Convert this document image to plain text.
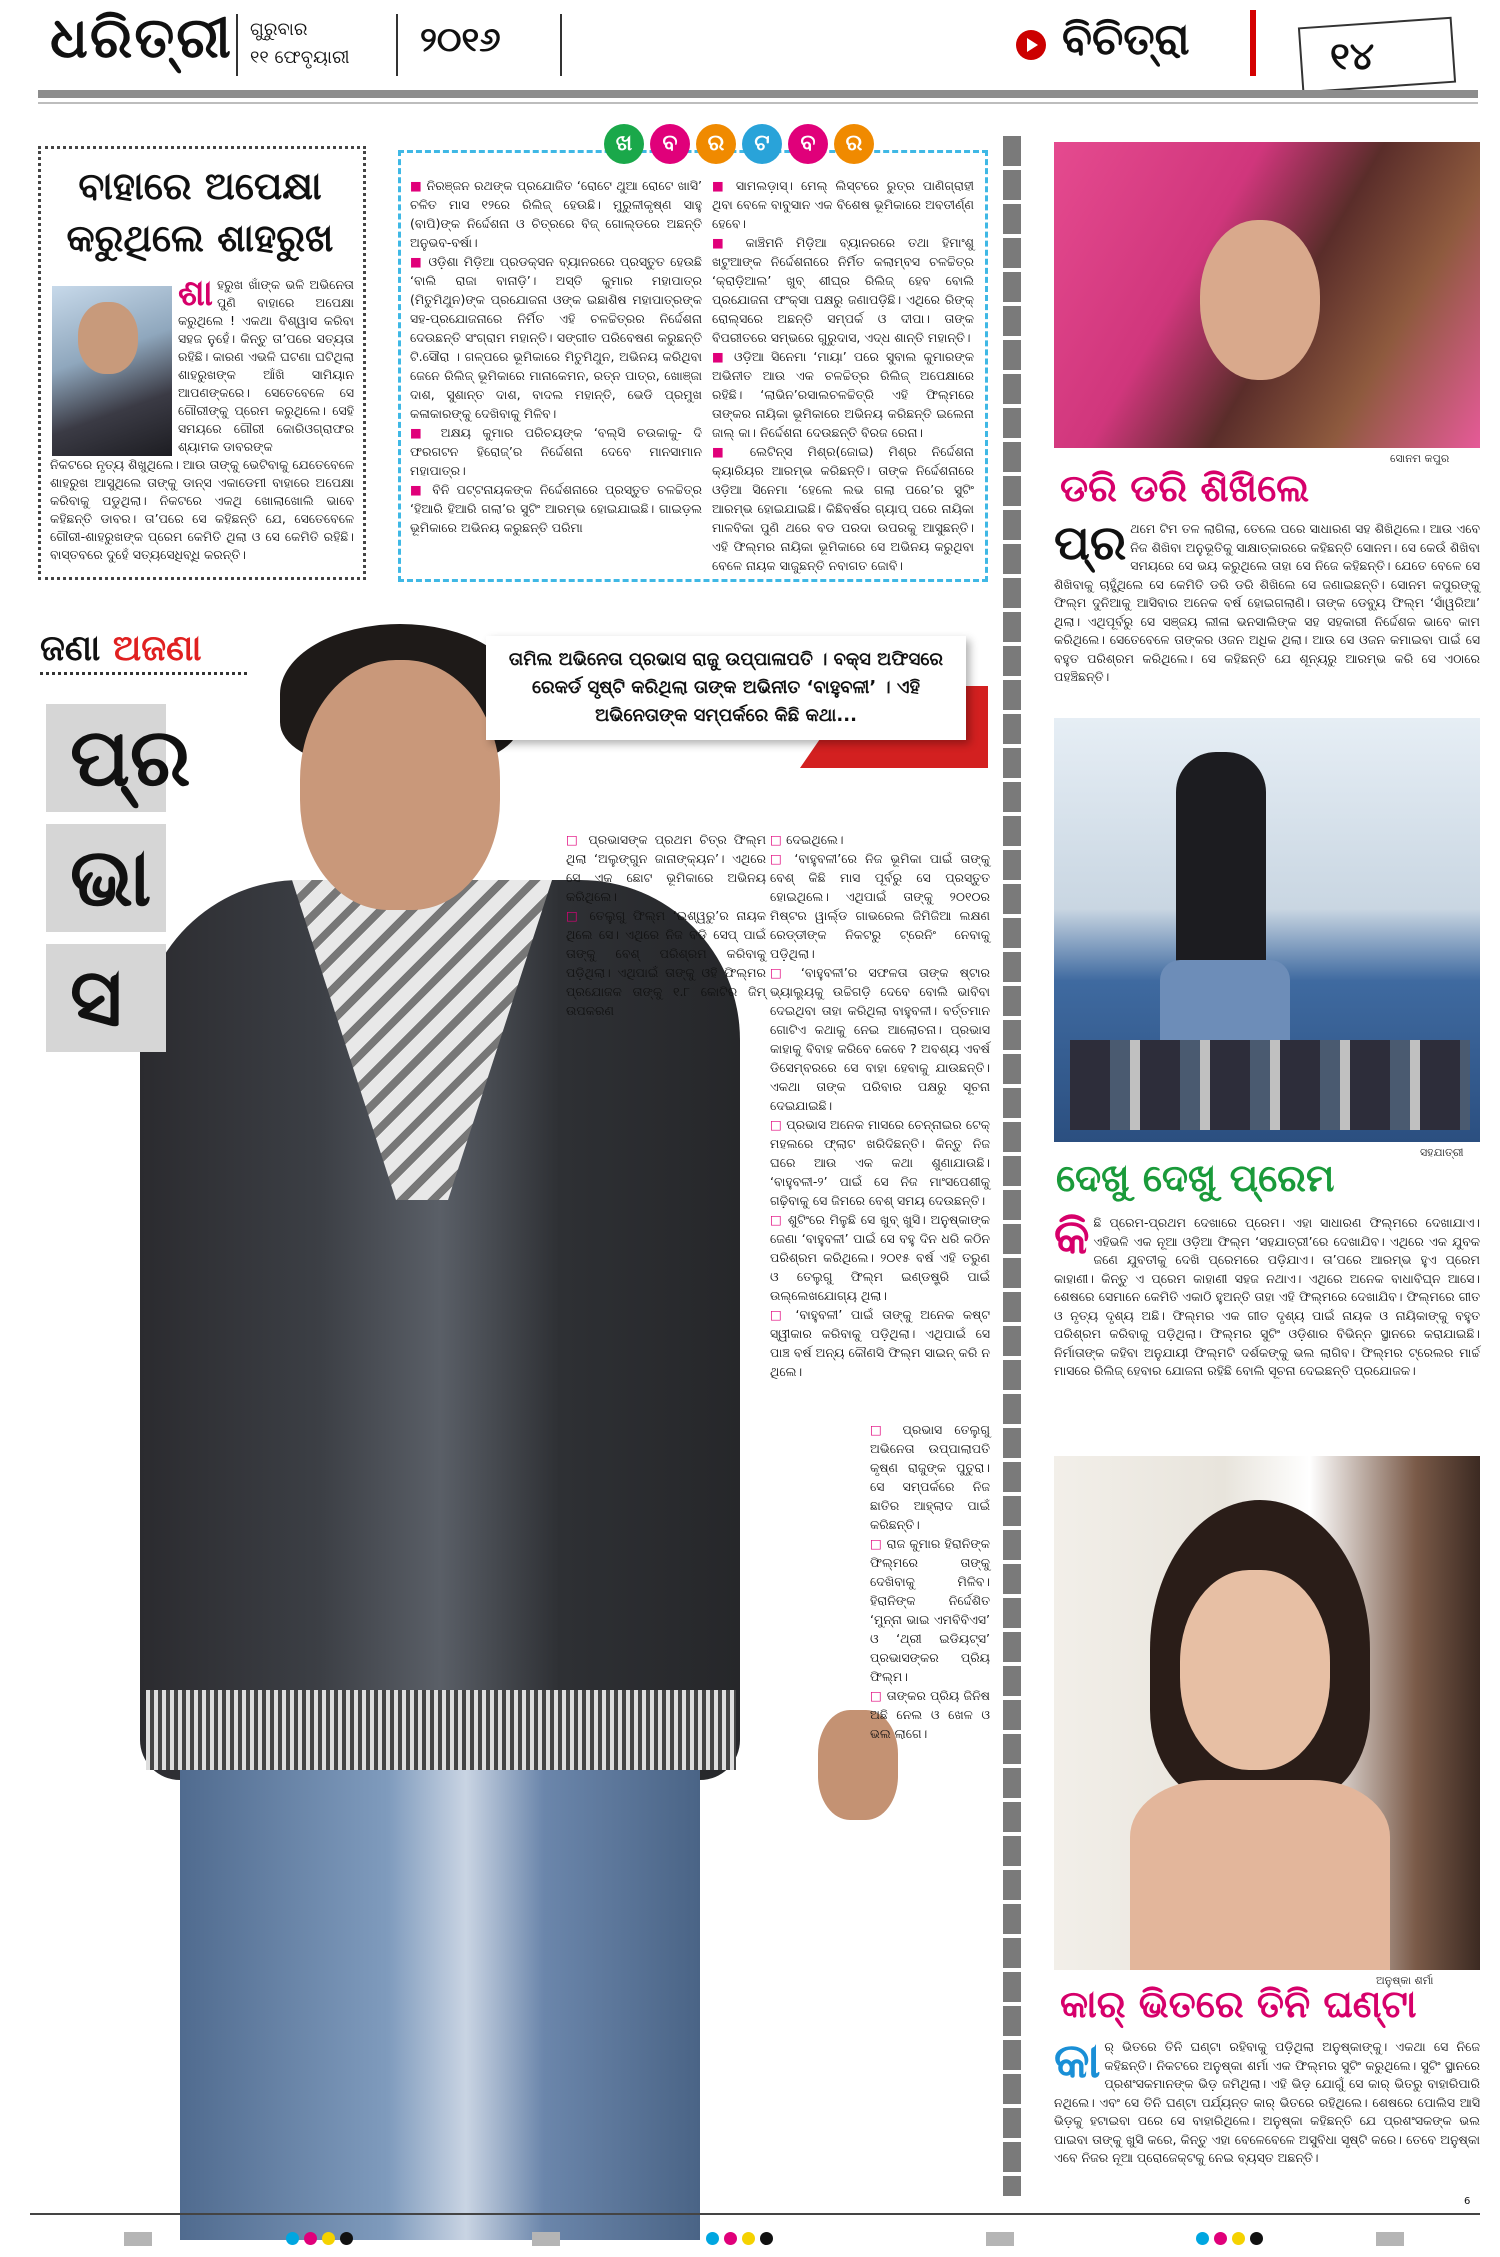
ଧରିତ୍ରୀ ଗୁରୁବାର
୧୧ ଫେବୃୟାରୀ ୨୦୧୬	ବିଚିତ୍ରା	୧୪
ବାହାରେ ଅପେକ୍ଷା କରୁଥିଲେ ଶାହରୁଖ
ଶା ହରୁଖ ଖାଁଙ୍କ ଭଳି ଅଭିନେତା ପୁଣି ବାହାରେ ଅପେକ୍ଷା କରୁଥିଲେ ! ଏକଥା ବିଶ୍ୱାସ କରିବା ସହଜ ନୁହେଁ। କିନ୍ତୁ ତା’ପରେ ସତ୍ୟତା ରହିଛି। କାରଣ ଏଭଳି ଘଟଣା ଘଟିଥିଲା ଶାହରୁଖଙ୍କ ଆଁଖି ସାମିୟାନ ଆପଣଙ୍କରେ। ସେତେବେଳେ ସେ ଗୌରୀଙ୍କୁ ପ୍ରେମ କରୁଥିଲେ। ସେହି ସମୟରେ ଗୌରୀ କୋରିଓଗ୍ରାଫର ଶ୍ୟାମକ ଡାବରଙ୍କ
ନିକଟରେ ନୃତ୍ୟ ଶିଖୁଥିଲେ। ଆଉ ତାଙ୍କୁ ଭେଟିବାକୁ ଯେତେବେଳେ ଶାହରୁଖ ଆସୁଥିଲେ ତାଙ୍କୁ ଡାନ୍ସ ଏକାଡେମୀ ବାହାରେ ଅପେକ୍ଷା କରିବାକୁ ପଡୁଥିଲା। ନିକଟରେ ଏକଥି ଖୋଲାଖୋଲି ଭାବେ କହିଛନ୍ତି ଡାବର। ତା’ପରେ ସେ କହିଛନ୍ତି ଯେ, ସେତେବେଳେ ଗୌରୀ-ଶାହରୁଖଙ୍କ ପ୍ରେମ କେମିତି ଥିଲା ଓ ସେ କେମିତି ରହିଛି। ବାସ୍ତବରେ ଦୁହେଁ ସତ୍ୟସେଧିବ୍ଧି କରନ୍ତି।
ଖ	ବ	ର	ଟ	ବ	ର

■ ନିରଞ୍ଜନ ରଥଙ୍କ ପ୍ରଯୋଜିତ ‘ରୋଟେ ଥୁଆ ରୋଟେ ଖାସି’ ଚଳିତ ମାସ ୧୨ରେ ରିଲିଜ୍ ହେଉଛି। ମୁରୁଳୀକୃଷ୍ଣ ସାହୁ (ବାପି)ଙ୍କ ନିର୍ଦ୍ଦେଶନା ଓ ଚିତ୍ରରେ ବିଜ୍ ଗୋଲ୍ଡରେ ଅଛନ୍ତି ଅନୁଭବ-ବର୍ଷା।

■ ଓଡ଼ିଶା ମିଡ଼ିଆ ପ୍ରଡକ୍ସନ ବ୍ୟାନରରେ ପ୍ରସ୍ତୁତ ହେଉଛି ‘ବାଲି ରାଜା ବାନାଡ଼ି’। ଅସ୍ତି କୁମାର ମହାପାତ୍ର (ମିତୁମିଥୁନ)ଙ୍କ ପ୍ରଯୋଜନା ଓଙ୍କ ଇଛାଶିଷ ମହାପାତ୍ରଙ୍କ ସହ-ପ୍ରଯୋଜନାରେ ନିର୍ମିତ ଏହି ଚଳଚ୍ଚିତ୍ରର ନିର୍ଦ୍ଦେଶନା ଦେଉଛନ୍ତି ସଂଗ୍ରାମ ମହାନ୍ତି। ସଙ୍ଗୀତ ପରିବେଷଣ କରୁଛନ୍ତି ଟି.ସୌରା । ଗଳ୍ପରେ ଭୂମିକାରେ ମିତୁମିଥୁନ, ଅଭିନୟ କରିଥିବା ଜେନେ ରିଲିଜ୍ ଭୂମିକାରେ ମାନାକେମନ, ରତ୍ନ ପାତ୍ର, ଖୋଞ୍ଜା ଦାଶ, ସୁଶାନ୍ତ ଦାଶ, ବାଦଲ ମହାନ୍ତି, ଭେଡି ପ୍ରମୁଖ କଳାକାରଙ୍କୁ ଦେଖିବାକୁ ମିଳିବ।

■ ଅକ୍ଷୟ କୁମାର ପରିଚୟଙ୍କ ‘ବଲ୍ସି ଚଉକାକୁ- ଦି ଫରଗଟନ ହିରୋଜ୍’ର ନିର୍ଦ୍ଦେଶନା ଦେବେ ମାନସାମାନ ମହାପାତ୍ର।

■ ବିନି ପଟ୍ଟନାୟକଙ୍କ ନିର୍ଦ୍ଦେଶନାରେ ପ୍ରସ୍ତୁତ ଚଳଚ୍ଚିତ୍ର ‘ହିଆରି ହିଆରି ଗଲା’ର ସୁଟିଂ ଆରମ୍ଭ ହୋଇଯାଇଛି। ଗାଇଡ଼ଲ ଭୂମିକାରେ ଅଭିନୟ କରୁଛନ୍ତି ପରିମା

■ ସାମଲଡ଼ାସ୍। ମେଲ୍ ଲିସ୍ଟରେ ରୁତ୍ର ପାଣିଗ୍ରାହୀ ଥିବା ବେଳେ ବାବୁସାନ ଏକ ବିଶେଷ ଭୂମିକାରେ ଅବତୀର୍ଣ୍ଣ ହେବେ।

■ କାଞ୍ଚିମନି ମିଡ଼ିଆ ବ୍ୟାନରରେ ତଥା ହିମାଂଶୁ ଖଟୁଆଙ୍କ ନିର୍ଦ୍ଦେଶନାରେ ନିର୍ମିତ କଲାମ୍ବସ ଚଳଚ୍ଚିତ୍ର ‘କ୍ରାଡ଼ିଆଲ’ ଖୁବ୍ ଶୀଘ୍ର ରିଲିଜ୍ ହେବ ବୋଲି ପ୍ରଯୋଜନା ଫଂକ୍ସା ପକ୍ଷରୁ ଜଣାପଡ଼ିଛି। ଏଥିରେ ରିଙ୍କ୍ ରୋଲ୍ସରେ ଅଛନ୍ତି ସମ୍ପର୍କ ଓ ଦୀପା। ତାଙ୍କ ବିପରୀତରେ ସମ୍ଭରେ ଗୁରୁଦାସ, ଏଦ୍ଧ ଶାନ୍ତି ମହାନ୍ତି।

■ ଓଡ଼ିଆ ସିନେମା ‘ମାୟା’ ପରେ ସୁବାଲ କୁମାରଙ୍କ ଅଭିନୀତ ଆଉ ଏକ ଚଳଚ୍ଚିତ୍ର ରିଲିଜ୍ ଅପେକ୍ଷାରେ ରହିଛି। ‘ଲାଭିନ’ରସାଲଚଳଚ୍ଚିତ୍ରି ଏହି ଫିଲ୍ମରେ ତାଙ୍କର ନାୟିକା ଭୂମିକାରେ ଅଭିନୟ କରିଛନ୍ତି ଇଲେନା ଜାଲ୍ କା। ନିର୍ଦ୍ଦେଶନା ଦେଉଛନ୍ତି ବିରଜ ରେନା।

■ ଲେଟିନ୍ସ ମିଶ୍ର(ଜୋଇ) ମିଶ୍ର ନିର୍ଦ୍ଦେଶନା କ୍ୟାରିୟର ଆରମ୍ଭ କରିଛନ୍ତି। ତାଙ୍କ ନିର୍ଦ୍ଦେଶନାରେ ଓଡ଼ିଆ ସିନେମା ‘ହେଲେ ଲଭ ଗଲା ପରେ’ର ସୁଟିଂ ଆରମ୍ଭ ହୋଇଯାଇଛି। କିଛିବର୍ଷର ଗ୍ୟାପ୍ ପରେ ନାୟିକା ମାଳବିକା ପୁଣି ଥରେ ବଡ ପରଦା ଉପରକୁ ଆସୁଛନ୍ତି। ଏହି ଫିଲ୍ମର ନାୟିକା ଭୂମିକାରେ ସେ ଅଭିନୟ କରୁଥିବା ବେଳେ ନାୟକ ସାଜୁଛନ୍ତି ନବାଗତ ଜୋବି।

ଜଣା ଅଜଣା
ପ୍ର
ଭା
ସ
ତାମିଲ ଅଭିନେତା ପ୍ରଭାସ ରାଜୁ ଉପ୍ପାଳାପତି । ବକ୍ସ ଅଫିସରେ ରେକର୍ଡ ସୃଷ୍ଟି କରିଥିଲା ତାଙ୍କ ଅଭିନୀତ ‘ବାହୁବଳୀ’ । ଏହି ଅଭିନେତାଙ୍କ ସମ୍ପର୍କରେ କିଛି କଥା...

□ ପ୍ରଭାସଙ୍କ ପ୍ରଥମ ଚିତ୍ର ଫିଲ୍ମ ଥିଲା ‘ଅଲୁଙ୍ଗୁନ ଜାନାଙ୍କ୍ୟନ’। ଏଥିରେ ସେ ଏକ ଛୋଟ ଭୂମିକାରେ ଅଭିନୟ କରିଥିଲେ।

□ ତେଲୁଗୁ ଫିଲ୍ମ ‘ଇଶ୍ୱରୁ’ର ନାୟକ ଥିଲେ ସେ। ଏଥିରେ ନିଜ ବଡି ସେପ୍ ପାଇଁ ତାଙ୍କୁ ବେଶ୍ ପରିଶ୍ରମ କରିବାକୁ ପଡ଼ିଥିଲା। ଏଥିପାଇଁ ତାଙ୍କୁ ଓହି ଫିଲ୍ମର ପ୍ରଯୋଜକ ତାଙ୍କୁ ୧.୮ କୋଟିର ଜିମ୍ ଉପକରଣ

□ ଦେଇଥିଲେ।

□ ‘ବାହୁବଳୀ’ରେ ନିଜ ଭୂମିକା ପାଇଁ ତାଙ୍କୁ ବେଶ୍ କିଛି ମାସ ପୂର୍ବରୁ ସେ ପ୍ରସ୍ତୁତ ହୋଇଥିଲେ। ଏଥିପାଇଁ ତାଙ୍କୁ ୨୦୧୦ର ମିଷ୍ଟର ୱାର୍ଲ୍ଡ ଗାଭରେଲ ଜିମିଜିଆ ଲକ୍ଷଣ ରେଡ୍ଡୀଙ୍କ ନିକଟରୁ ଟ୍ରେନିଂ ନେବାକୁ ପଡ଼ିଥିଲା।

□ ‘ବାହୁବଳୀ’ର ସଫଳତା ତାଙ୍କ ଷ୍ଟାର ଭ୍ୟାଲ୍ୟୁକୁ ଉଚ୍ଚିଗଡ଼ି ଦେବେ ବୋଲି ଭାବିବା ଦେଇଥିବା ତାହା କରିଥିଲା ବାହୁବଳୀ। ବର୍ତ୍ତମାନ ଗୋଟିଏ କଥାକୁ ନେଇ ଆଲୋଚନା। ପ୍ରଭାସ କାହାକୁ ବିବାହ କରିବେ କେବେ ? ଅବଶ୍ୟ ଏବର୍ଷ ଡିସେମ୍ବରରେ ସେ ବାହା ହେବାକୁ ଯାଉଛନ୍ତି। ଏକଥା ତାଙ୍କ ପରିବାର ପକ୍ଷରୁ ସୂଚନା ଦେଇଯାଇଛି।

□ ପ୍ରଭାସ ଅନେକ ମାସରେ ଚେନ୍ନାଇର ଟେକ୍ ମହଲରେ ଫ୍ଲାଟ ଖରିଦିଛନ୍ତି। କିନ୍ତୁ ନିଜ ଘରେ ଆଉ ଏକ କଥା ଶୁଣାଯାଉଛି। ‘ବାହୁବଳୀ-୨’ ପାଇଁ ସେ ନିଜ ମାଂସପେଶୀକୁ ଗଢ଼ିବାକୁ ସେ ଜିମରେ ବେଶ୍ ସମୟ ଦେଉଛନ୍ତି।

□ ଶୁଟିଂରେ ମିଳୁଛି ସେ ଖୁବ୍ ଖୁସି। ଅନୁଷ୍କାଙ୍କ ଜେଣା ‘ବାହୁବଳୀ’ ପାଇଁ ସେ ବହୁ ଦିନ ଧରି କଠିନ ପରିଶ୍ରମ କରିଥିଲେ। ୨୦୧୫ ବର୍ଷ ଏହି ତରୁଣ ଓ ତେଲୁଗୁ ଫିଲ୍ମ ଇଣ୍ଡଷ୍ଟ୍ରି ପାଇଁ ଉଲ୍ଲେଖଯୋଗ୍ୟ ଥିଲା।

□ ‘ବାହୁବଳୀ’ ପାଇଁ ତାଙ୍କୁ ଅନେକ କଷ୍ଟ ସ୍ୱୀକାର କରିବାକୁ ପଡ଼ିଥିଲା। ଏଥିପାଇଁ ସେ ପାଞ୍ଚ ବର୍ଷ ଅନ୍ୟ କୌଣସି ଫିଲ୍ମ ସାଇନ୍ କରି ନ ଥିଲେ।

□ ପ୍ରଭାସ ତେଲୁଗୁ ଅଭିନେତା ଉପ୍ପାଲାପତି କୃଷ୍ଣ ରାଜୁଙ୍କ ପୁତୁରା। ସେ ସମ୍ପର୍କରେ ନିଜ ଛାତିର ଆହ୍ଲାଦ ପାଇଁ କରିଛନ୍ତି।

□ ରାଜ କୁମାର ହିରାନିଙ୍କ ଫିଲ୍ମରେ ତାଙ୍କୁ ଦେଖିବାକୁ ମିଳିବ। ହିରାନିଙ୍କ ନିର୍ଦ୍ଦେଶିତ ‘ମୁନ୍ନା ଭାଇ ଏମବିବିଏସ’ ଓ ‘ଥ୍ରୀ ଇଡିୟଟ୍ସ’ ପ୍ରଭାସଙ୍କର ପ୍ରିୟ ଫିଲ୍ମ।

□ ତାଙ୍କର ପ୍ରିୟ ଜିନିଷ ଅଛି ନେଲ ଓ ଖେଳ ଓ ଭଲ ଲାଗେ।

ସୋନମ କପୁର
ଡରି ଡରି ଶିଖିଲେ
ପ୍ର ଥମେ ଟିମ ତଳ ଲାଗିଲା, ତେଲେ ପରେ ସାଧାରଣ ସହ ଶିଖିଥିଲେ। ଆଉ ଏବେ ନିଜ ଶିଖିବା ଅନୁଭୂତିକୁ ସାକ୍ଷାତ୍କାରରେ କହିଛନ୍ତି ସୋନମ। ସେ କେଉଁ ଶିଖିବା ସମୟରେ ସେ ଭୟ କରୁଥିଲେ ତାହା ସେ ନିଜେ କହିଛନ୍ତି। ଯେତେ ବେଳେ ସେ ଶିଖିବାକୁ ଚାହୁଁଥିଲେ ସେ କେମିତି ଡରି ଡରି ଶିଖିଲେ ସେ ଜଣାଇଛନ୍ତି। ସୋନମ କପୁରଙ୍କୁ ଫିଲ୍ମ ଦୁନିଆକୁ ଆସିବାର ଅନେକ ବର୍ଷ ହୋଇଗଲାଣି। ତାଙ୍କ ଡେବ୍ୟୁ ଫିଲ୍ମ ‘ସାଁୱରିଆ’ ଥିଲା। ଏଥିପୂର୍ବରୁ ସେ ସଞ୍ଜୟ ଲୀଳା ଭନସାଲିଙ୍କ ସହ ସହକାରୀ ନିର୍ଦ୍ଦେଶକ ଭାବେ କାମ କରିଥିଲେ। ସେତେବେଳେ ତାଙ୍କର ଓଜନ ଅଧିକ ଥିଲା। ଆଉ ସେ ଓଜନ କମାଇବା ପାଇଁ ସେ ବହୁତ ପରିଶ୍ରମ କରିଥିଲେ। ସେ କହିଛନ୍ତି ଯେ ଶୂନ୍ୟରୁ ଆରମ୍ଭ କରି ସେ ଏଠାରେ ପହଞ୍ଚିଛନ୍ତି।
ସହଯାତ୍ରୀ
ଦେଖୁ ଦେଖୁ ପ୍ରେମ
କି ଛି ପ୍ରେମ-ପ୍ରଥମ ଦେଖାରେ ପ୍ରେମ। ଏହା ସାଧାରଣ ଫିଲ୍ମରେ ଦେଖାଯାଏ। ଏହିଭଳି ଏକ ନୂଆ ଓଡ଼ିଆ ଫିଲ୍ମ ‘ସହଯାତ୍ରୀ’ରେ ଦେଖାଯିବ। ଏଥିରେ ଏକ ଯୁବକ ଜଣେ ଯୁବତୀକୁ ଦେଖି ପ୍ରେମରେ ପଡ଼ିଯାଏ। ତା’ପରେ ଆରମ୍ଭ ହୁଏ ପ୍ରେମ କାହାଣୀ। କିନ୍ତୁ ଏ ପ୍ରେମ କାହାଣୀ ସହଜ ନଥାଏ। ଏଥିରେ ଅନେକ ବାଧାବିଘ୍ନ ଆସେ। ଶେଷରେ ସେମାନେ କେମିତି ଏକାଠି ହୁଅନ୍ତି ତାହା ଏହି ଫିଲ୍ମରେ ଦେଖାଯିବ। ଫିଲ୍ମରେ ଗୀତ ଓ ନୃତ୍ୟ ଦୃଶ୍ୟ ଅଛି। ଫିଲ୍ମର ଏକ ଗୀତ ଦୃଶ୍ୟ ପାଇଁ ନାୟକ ଓ ନାୟିକାଙ୍କୁ ବହୁତ ପରିଶ୍ରମ କରିବାକୁ ପଡ଼ିଥିଲା। ଫିଲ୍ମର ସୁଟିଂ ଓଡ଼ିଶାର ବିଭିନ୍ନ ସ୍ଥାନରେ କରାଯାଇଛି। ନିର୍ମାତାଙ୍କ କହିବା ଅନୁଯାୟୀ ଫିଲ୍ମଟି ଦର୍ଶକଙ୍କୁ ଭଲ ଲାଗିବ। ଫିଲ୍ମର ଟ୍ରେଲର ମାର୍ଚ୍ଚ ମାସରେ ରିଲିଜ୍ ହେବାର ଯୋଜନା ରହିଛି ବୋଲି ସୂଚନା ଦେଇଛନ୍ତି ପ୍ରଯୋଜକ।
ଅନୁଷ୍କା ଶର୍ମା
କାର୍ ଭିତରେ ତିନି ଘଣ୍ଟା
କା ର୍ ଭିତରେ ତିନି ଘଣ୍ଟା ରହିବାକୁ ପଡ଼ିଥିଲା ଅନୁଷ୍କାଙ୍କୁ। ଏକଥା ସେ ନିଜେ କହିଛନ୍ତି। ନିକଟରେ ଅନୁଷ୍କା ଶର୍ମା ଏକ ଫିଲ୍ମର ସୁଟିଂ କରୁଥିଲେ। ସୁଟିଂ ସ୍ଥାନରେ ପ୍ରଶଂସକମାନଙ୍କ ଭିଡ଼ ଜମିଥିଲା। ଏହି ଭିଡ଼ ଯୋଗୁଁ ସେ କାର୍ ଭିତରୁ ବାହାରିପାରି ନଥିଲେ। ଏବଂ ସେ ତିନି ଘଣ୍ଟା ପର୍ଯ୍ୟନ୍ତ କାର୍ ଭିତରେ ରହିଥିଲେ। ଶେଷରେ ପୋଲିସ ଆସି ଭିଡ଼କୁ ହଟାଇବା ପରେ ସେ ବାହାରିଥିଲେ। ଅନୁଷ୍କା କହିଛନ୍ତି ଯେ ପ୍ରଶଂସକଙ୍କ ଭଲ ପାଇବା ତାଙ୍କୁ ଖୁସି କରେ, କିନ୍ତୁ ଏହା ବେଳେବେଳେ ଅସୁବିଧା ସୃଷ୍ଟି କରେ। ତେବେ ଅନୁଷ୍କା ଏବେ ନିଜର ନୂଆ ପ୍ରୋଜେକ୍ଟକୁ ନେଇ ବ୍ୟସ୍ତ ଅଛନ୍ତି।
6
